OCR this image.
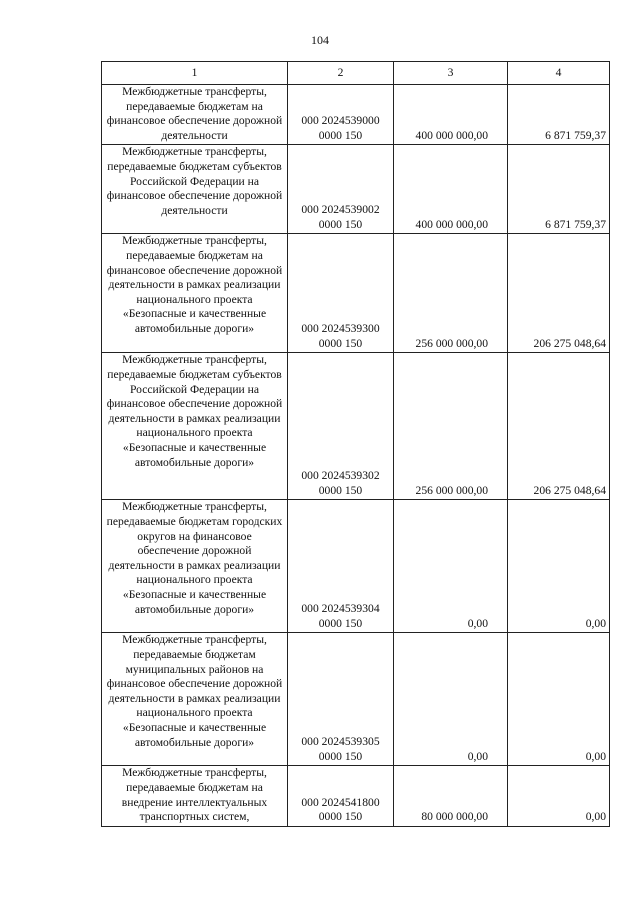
104
1	2	3	4
Межбюджетные трансферты, передаваемые бюджетам на финансовое обеспечение дорожной деятельности	000 2024539000 0000 150	400 000 000,00	6 871 759,37
Межбюджетные трансферты, передаваемые бюджетам субъектов Российской Федерации на финансовое обеспечение дорожной деятельности	000 2024539002 0000 150	400 000 000,00	6 871 759,37
Межбюджетные трансферты, передаваемые бюджетам на финансовое обеспечение дорожной деятельности в рамках реализации национального проекта «Безопасные и качественные автомобильные дороги»	000 2024539300 0000 150	256 000 000,00	206 275 048,64
Межбюджетные трансферты, передаваемые бюджетам субъектов Российской Федерации на финансовое обеспечение дорожной деятельности в рамках реализации национального проекта «Безопасные и качественные автомобильные дороги»	000 2024539302 0000 150	256 000 000,00	206 275 048,64
Межбюджетные трансферты, передаваемые бюджетам городских округов на финансовое обеспечение дорожной деятельности в рамках реализации национального проекта «Безопасные и качественные автомобильные дороги»	000 2024539304 0000 150	0,00	0,00
Межбюджетные трансферты, передаваемые бюджетам муниципальных районов на финансовое обеспечение дорожной деятельности в рамках реализации национального проекта «Безопасные и качественные автомобильные дороги»	000 2024539305 0000 150	0,00	0,00
Межбюджетные трансферты, передаваемые бюджетам на внедрение интеллектуальных транспортных систем,	000 2024541800 0000 150	80 000 000,00	0,00
